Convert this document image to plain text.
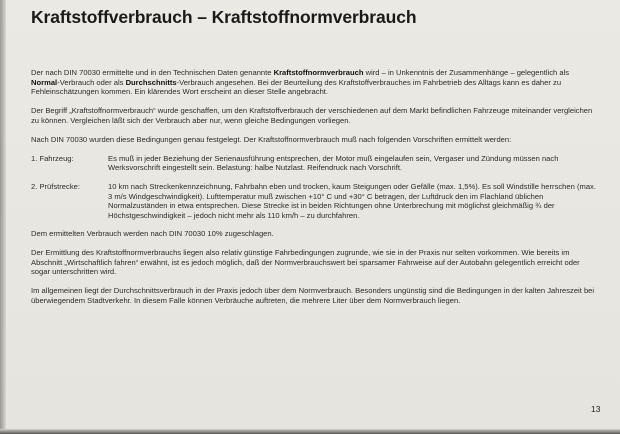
Kraftstoffverbrauch – Kraftstoffnormverbrauch

Der nach DIN 70030 ermittelte und in den Technischen Daten genannte Kraftstoffnormverbrauch wird – in Unkenntnis der Zusammenhänge – gelegentlich als Normal-Verbrauch oder als Durchschnitts-Verbrauch angesehen. Bei der Beurteilung des Kraftstoffverbrauches im Fahrbetrieb des Alltags kann es daher zu Fehleinschätzungen kommen. Ein klärendes Wort erscheint an dieser Stelle angebracht.

Der Begriff „Kraftstoffnormverbrauch“ wurde geschaffen, um den Kraftstoffverbrauch der verschiedenen auf dem Markt befindlichen Fahrzeuge miteinander vergleichen zu können. Vergleichen läßt sich der Verbrauch aber nur, wenn gleiche Bedingungen vorliegen.

Nach DIN 70030 wurden diese Bedingungen genau festgelegt. Der Kraftstoffnormverbrauch muß nach folgenden Vorschriften ermittelt werden:

1. Fahrzeug:	Es muß in jeder Beziehung der Serienausführung entsprechen, der Motor muß eingelaufen sein, Vergaser und Zündung müssen nach Werksvorschrift eingestellt sein. Belastung: halbe Nutzlast. Reifendruck nach Vorschrift.
2. Prüfstrecke:	10 km nach Streckenkennzeichnung, Fahrbahn eben und trocken, kaum Steigungen oder Gefälle (max. 1,5%). Es soll Windstille herrschen (max. 3 m/s Windgeschwindigkeit). Lufttemperatur muß zwischen +10° C und +30° C betragen, der Luftdruck den im Flachland üblichen Normalzuständen in etwa entsprechen. Diese Strecke ist in beiden Richtungen ohne Unterbrechung mit möglichst gleichmäßig ¾ der Höchstgeschwindigkeit – jedoch nicht mehr als 110 km/h – zu durchfahren.

Dem ermittelten Verbrauch werden nach DIN 70030 10% zugeschlagen.

Der Ermittlung des Kraftstoffnormverbrauchs liegen also relativ günstige Fahrbedingungen zugrunde, wie sie in der Praxis nur selten vorkommen. Wie bereits im Abschnitt „Wirtschaftlich fahren“ erwähnt, ist es jedoch möglich, daß der Normverbrauchswert bei sparsamer Fahrweise auf der Autobahn gelegentlich erreicht oder sogar unterschritten wird.

Im allgemeinen liegt der Durchschnittsverbrauch in der Praxis jedoch über dem Normverbrauch. Besonders ungünstig sind die Bedingungen in der kalten Jahreszeit bei überwiegendem Stadtverkehr. In diesem Falle können Verbräuche auftreten, die mehrere Liter über dem Normverbrauch liegen.

13
